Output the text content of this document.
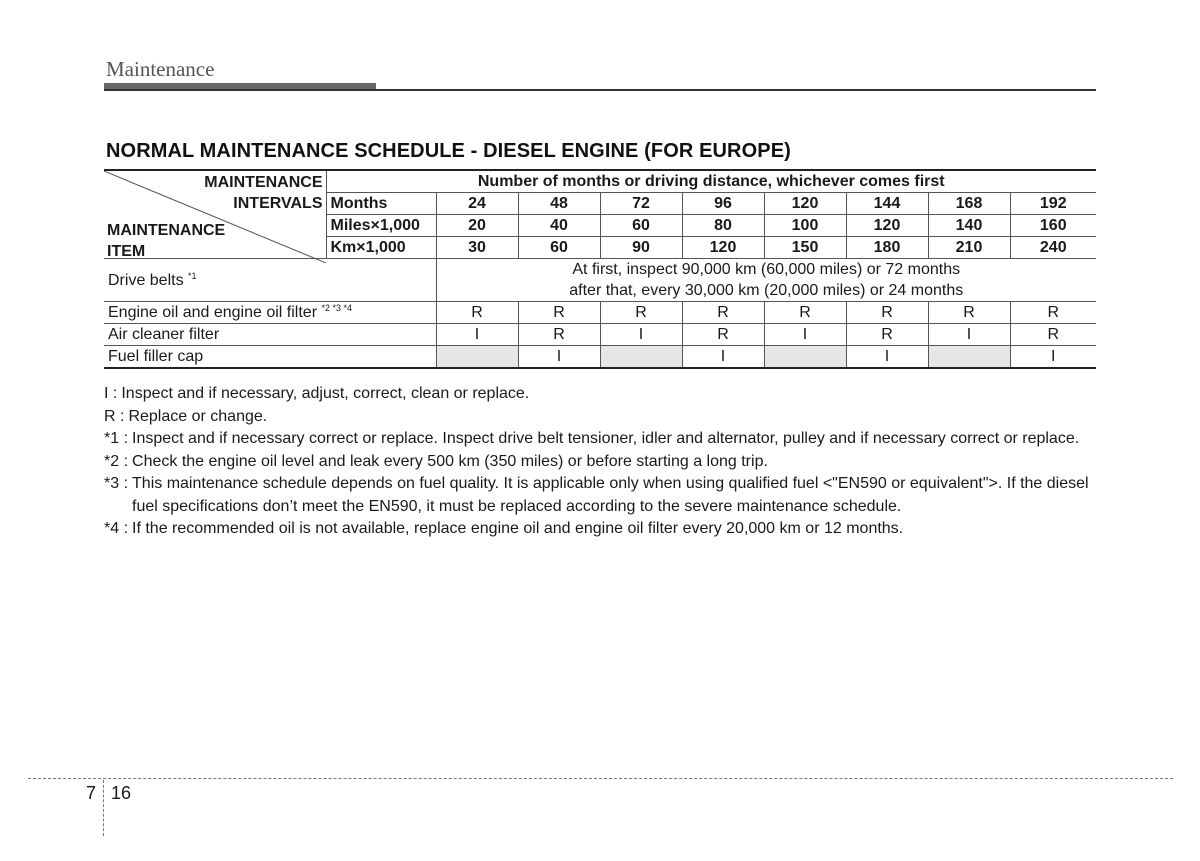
Maintenance
NORMAL MAINTENANCE SCHEDULE - DIESEL ENGINE (FOR EUROPE)
MAINTENANCE
INTERVALS
MAINTENANCE
ITEM	Number of months or driving distance, whichever comes first								
	Months	24	48	72	96	120	144	168	192
	Miles×1,000	20	40	60	80	100	120	140	160
	Km×1,000	30	60	90	120	150	180	210	240
Drive belts $^{*1}$		At first, inspect 90,000 km (60,000 miles) or 72 months
after that, every 30,000 km (20,000 miles) or 24 months							

Engine oil and engine oil filter $^{*2 *3 *4}$		R	R	R	R	R	R	R	R
Air cleaner filter		I	R	I	R	I	R	I	R
Fuel filler cap			I		I		I		I
I : Inspect and if necessary, adjust, correct, clean or replace.
R : Replace or change.
*1 : Inspect and if necessary correct or replace. Inspect drive belt tensioner, idler and alternator, pulley and if necessary correct or replace.
*2 : Check the engine oil level and leak every 500 km (350 miles) or before starting a long trip.
*3 : This maintenance schedule depends on fuel quality. It is applicable only when using qualified fuel <"EN590 or equivalent">. If the diesel fuel specifications don’t meet the EN590, it must be replaced according to the severe maintenance schedule.
*4 : If the recommended oil is not available, replace engine oil and engine oil filter every 20,000 km or 12 months.
7 16
